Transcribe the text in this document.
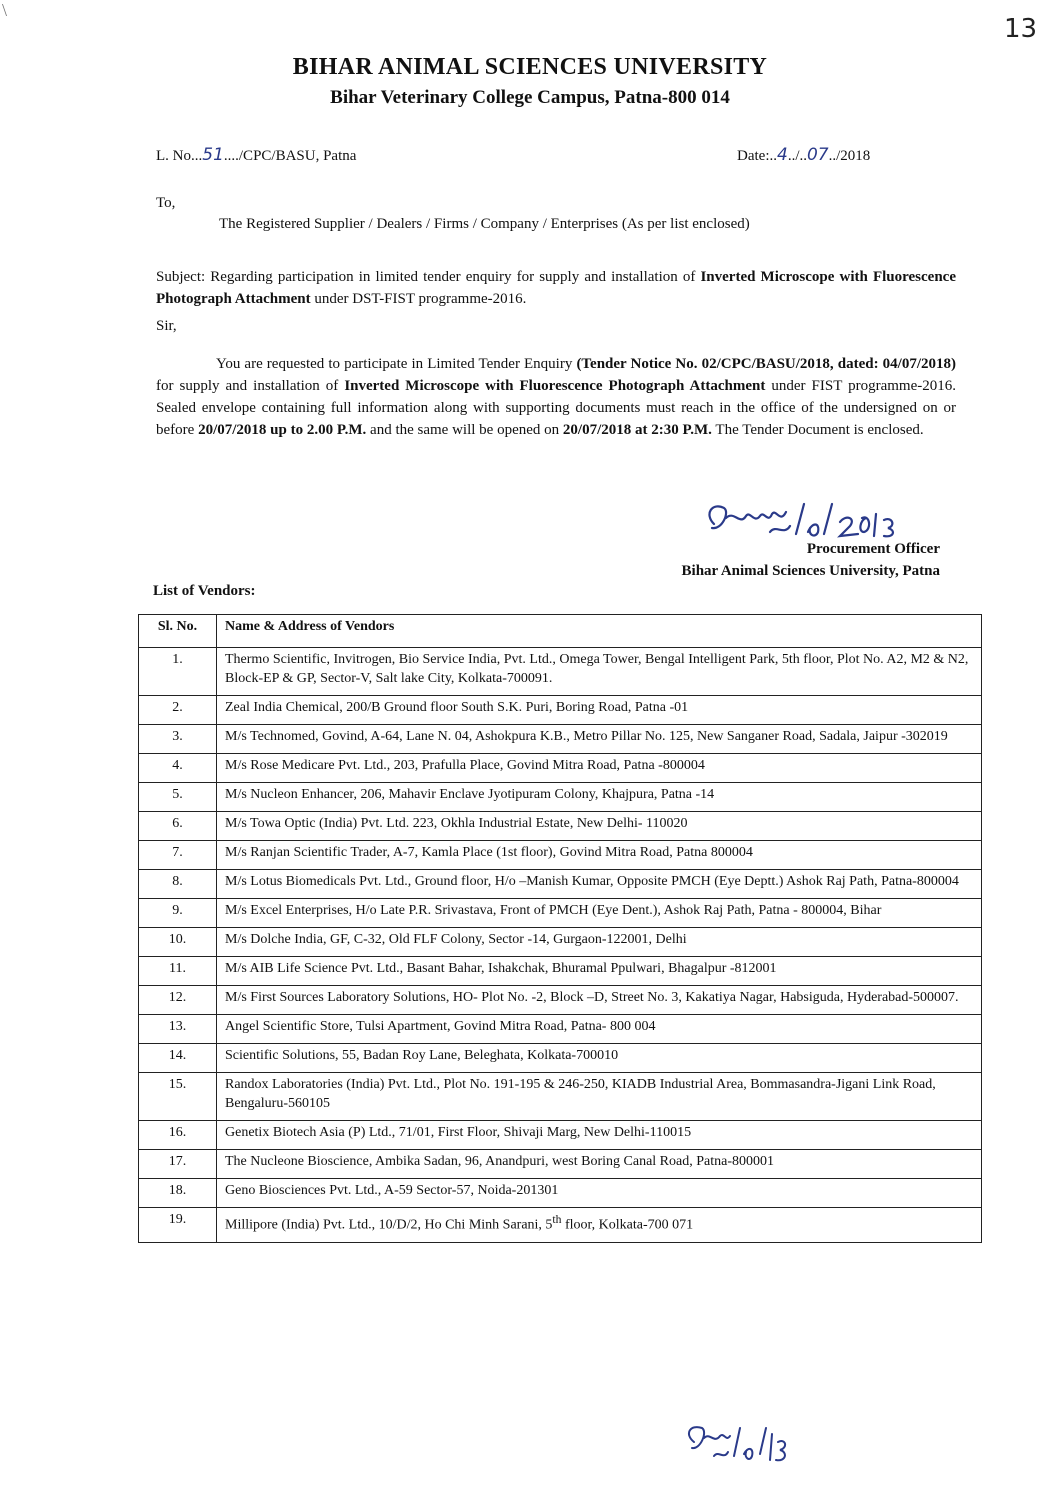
\
13
BIHAR ANIMAL SCIENCES UNIVERSITY
Bihar Veterinary College Campus, Patna-800 014
L. No...51..../CPC/BASU, Patna	Date:..4../..07../2018
To,
The Registered Supplier / Dealers / Firms / Company / Enterprises (As per list enclosed)
Subject: Regarding participation in limited tender enquiry for supply and installation of Inverted Microscope with Fluorescence Photograph Attachment under DST-FIST programme-2016.
Sir,
You are requested to participate in Limited Tender Enquiry (Tender Notice No. 02/CPC/BASU/2018, dated: 04/07/2018) for supply and installation of Inverted Microscope with Fluorescence Photograph Attachment under FIST programme-2016. Sealed envelope containing full information along with supporting documents must reach in the office of the undersigned on or before 20/07/2018 up to 2.00 P.M. and the same will be opened on 20/07/2018 at 2:30 P.M. The Tender Document is enclosed.
Procurement Officer
Bihar Animal Sciences University, Patna
List of Vendors:
Sl. No.	Name & Address of Vendors
1.	Thermo Scientific, Invitrogen, Bio Service India, Pvt. Ltd., Omega Tower, Bengal Intelligent Park, 5th floor, Plot No. A2, M2 & N2, Block-EP & GP, Sector-V, Salt lake City, Kolkata-700091.
2.	Zeal India Chemical, 200/B Ground floor South S.K. Puri, Boring Road, Patna -01
3.	M/s Technomed, Govind, A-64, Lane N. 04, Ashokpura K.B., Metro Pillar No. 125, New Sanganer Road, Sadala, Jaipur -302019
4.	M/s Rose Medicare Pvt. Ltd., 203, Prafulla Place, Govind Mitra Road, Patna -800004
5.	M/s Nucleon Enhancer, 206, Mahavir Enclave Jyotipuram Colony, Khajpura, Patna -14
6.	M/s Towa Optic (India) Pvt. Ltd. 223, Okhla Industrial Estate, New Delhi- 110020
7.	M/s Ranjan Scientific Trader, A-7, Kamla Place (1st floor), Govind Mitra Road, Patna 800004
8.	M/s Lotus Biomedicals Pvt. Ltd., Ground floor, H/o –Manish Kumar, Opposite PMCH (Eye Deptt.) Ashok Raj Path, Patna-800004
9.	M/s Excel Enterprises, H/o Late P.R. Srivastava, Front of PMCH (Eye Dent.), Ashok Raj Path, Patna - 800004, Bihar
10.	M/s Dolche India, GF, C-32, Old FLF Colony, Sector -14, Gurgaon-122001, Delhi
11.	M/s AIB Life Science Pvt. Ltd., Basant Bahar, Ishakchak, Bhuramal Ppulwari, Bhagalpur -812001
12.	M/s First Sources Laboratory Solutions, HO- Plot No. -2, Block –D, Street No. 3, Kakatiya Nagar, Habsiguda, Hyderabad-500007.
13.	Angel Scientific Store, Tulsi Apartment, Govind Mitra Road, Patna- 800 004
14.	Scientific Solutions, 55, Badan Roy Lane, Beleghata, Kolkata-700010
15.	Randox Laboratories (India) Pvt. Ltd., Plot No. 191-195 & 246-250, KIADB Industrial Area, Bommasandra-Jigani Link Road, Bengaluru-560105
16.	Genetix Biotech Asia (P) Ltd., 71/01, First Floor, Shivaji Marg, New Delhi-110015
17.	The Nucleone Bioscience, Ambika Sadan, 96, Anandpuri, west Boring Canal Road, Patna-800001
18.	Geno Biosciences Pvt. Ltd., A-59 Sector-57, Noida-201301
19.	Millipore (India) Pvt. Ltd., 10/D/2, Ho Chi Minh Sarani, 5th floor, Kolkata-700 071
